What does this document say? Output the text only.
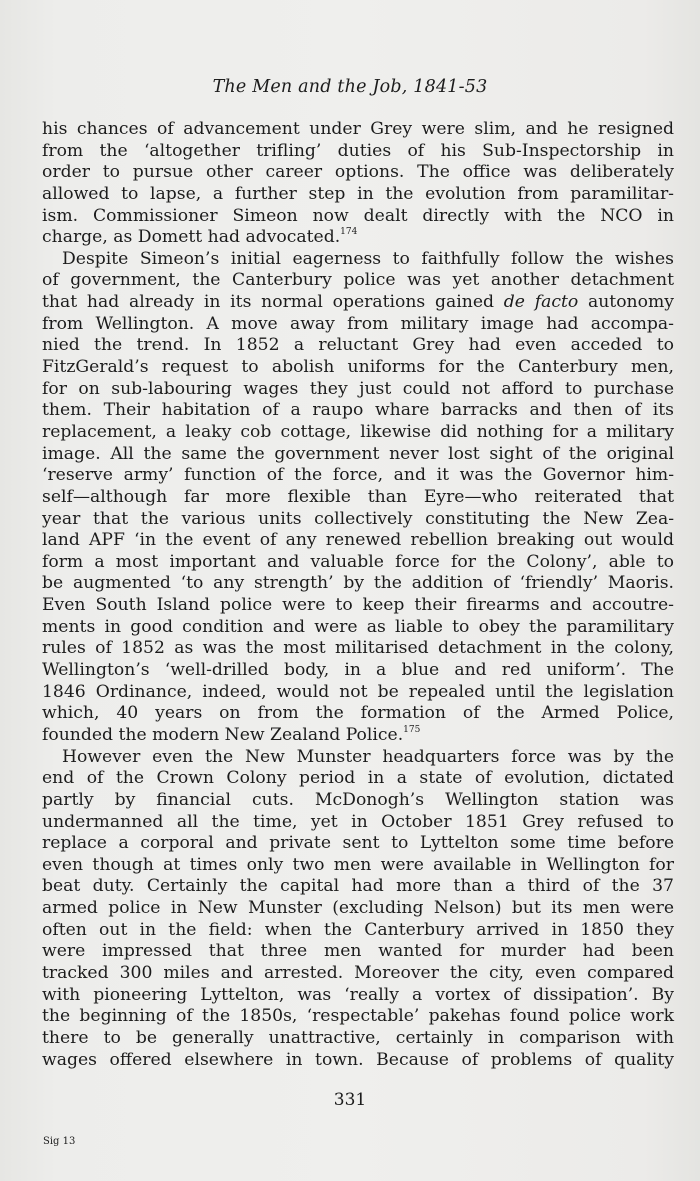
The Men and the Job, 1841-53
his chances of advancement under Grey were slim, and he resigned
from the ‘altogether trifling’ duties of his Sub-Inspectorship in
order to pursue other career options. The office was deliberately
allowed to lapse, a further step in the evolution from paramilitar-
ism. Commissioner Simeon now dealt directly with the NCO in
charge, as Domett had advocated.$^{174}$
Despite Simeon’s initial eagerness to faithfully follow the wishes
of government, the Canterbury police was yet another detachment
that had already in its normal operations gained de facto autonomy
from Wellington. A move away from military image had accompa-
nied the trend. In 1852 a reluctant Grey had even acceded to
FitzGerald’s request to abolish uniforms for the Canterbury men,
for on sub-labouring wages they just could not afford to purchase
them. Their habitation of a raupo whare barracks and then of its
replacement, a leaky cob cottage, likewise did nothing for a military
image. All the same the government never lost sight of the original
‘reserve army’ function of the force, and it was the Governor him-
self—although far more flexible than Eyre—who reiterated that
year that the various units collectively constituting the New Zea-
land APF ‘in the event of any renewed rebellion breaking out would
form a most important and valuable force for the Colony’, able to
be augmented ‘to any strength’ by the addition of ‘friendly’ Maoris.
Even South Island police were to keep their firearms and accoutre-
ments in good condition and were as liable to obey the paramilitary
rules of 1852 as was the most militarised detachment in the colony,
Wellington’s ‘well-drilled body, in a blue and red uniform’. The
1846 Ordinance, indeed, would not be repealed until the legislation
which, 40 years on from the formation of the Armed Police,
founded the modern New Zealand Police.$^{175}$
However even the New Munster headquarters force was by the
end of the Crown Colony period in a state of evolution, dictated
partly by financial cuts. McDonogh’s Wellington station was
undermanned all the time, yet in October 1851 Grey refused to
replace a corporal and private sent to Lyttelton some time before
even though at times only two men were available in Wellington for
beat duty. Certainly the capital had more than a third of the 37
armed police in New Munster (excluding Nelson) but its men were
often out in the field: when the Canterbury arrived in 1850 they
were impressed that three men wanted for murder had been
tracked 300 miles and arrested. Moreover the city, even compared
with pioneering Lyttelton, was ‘really a vortex of dissipation’. By
the beginning of the 1850s, ‘respectable’ pakehas found police work
there to be generally unattractive, certainly in comparison with
wages offered elsewhere in town. Because of problems of quality
331
Sig 13
